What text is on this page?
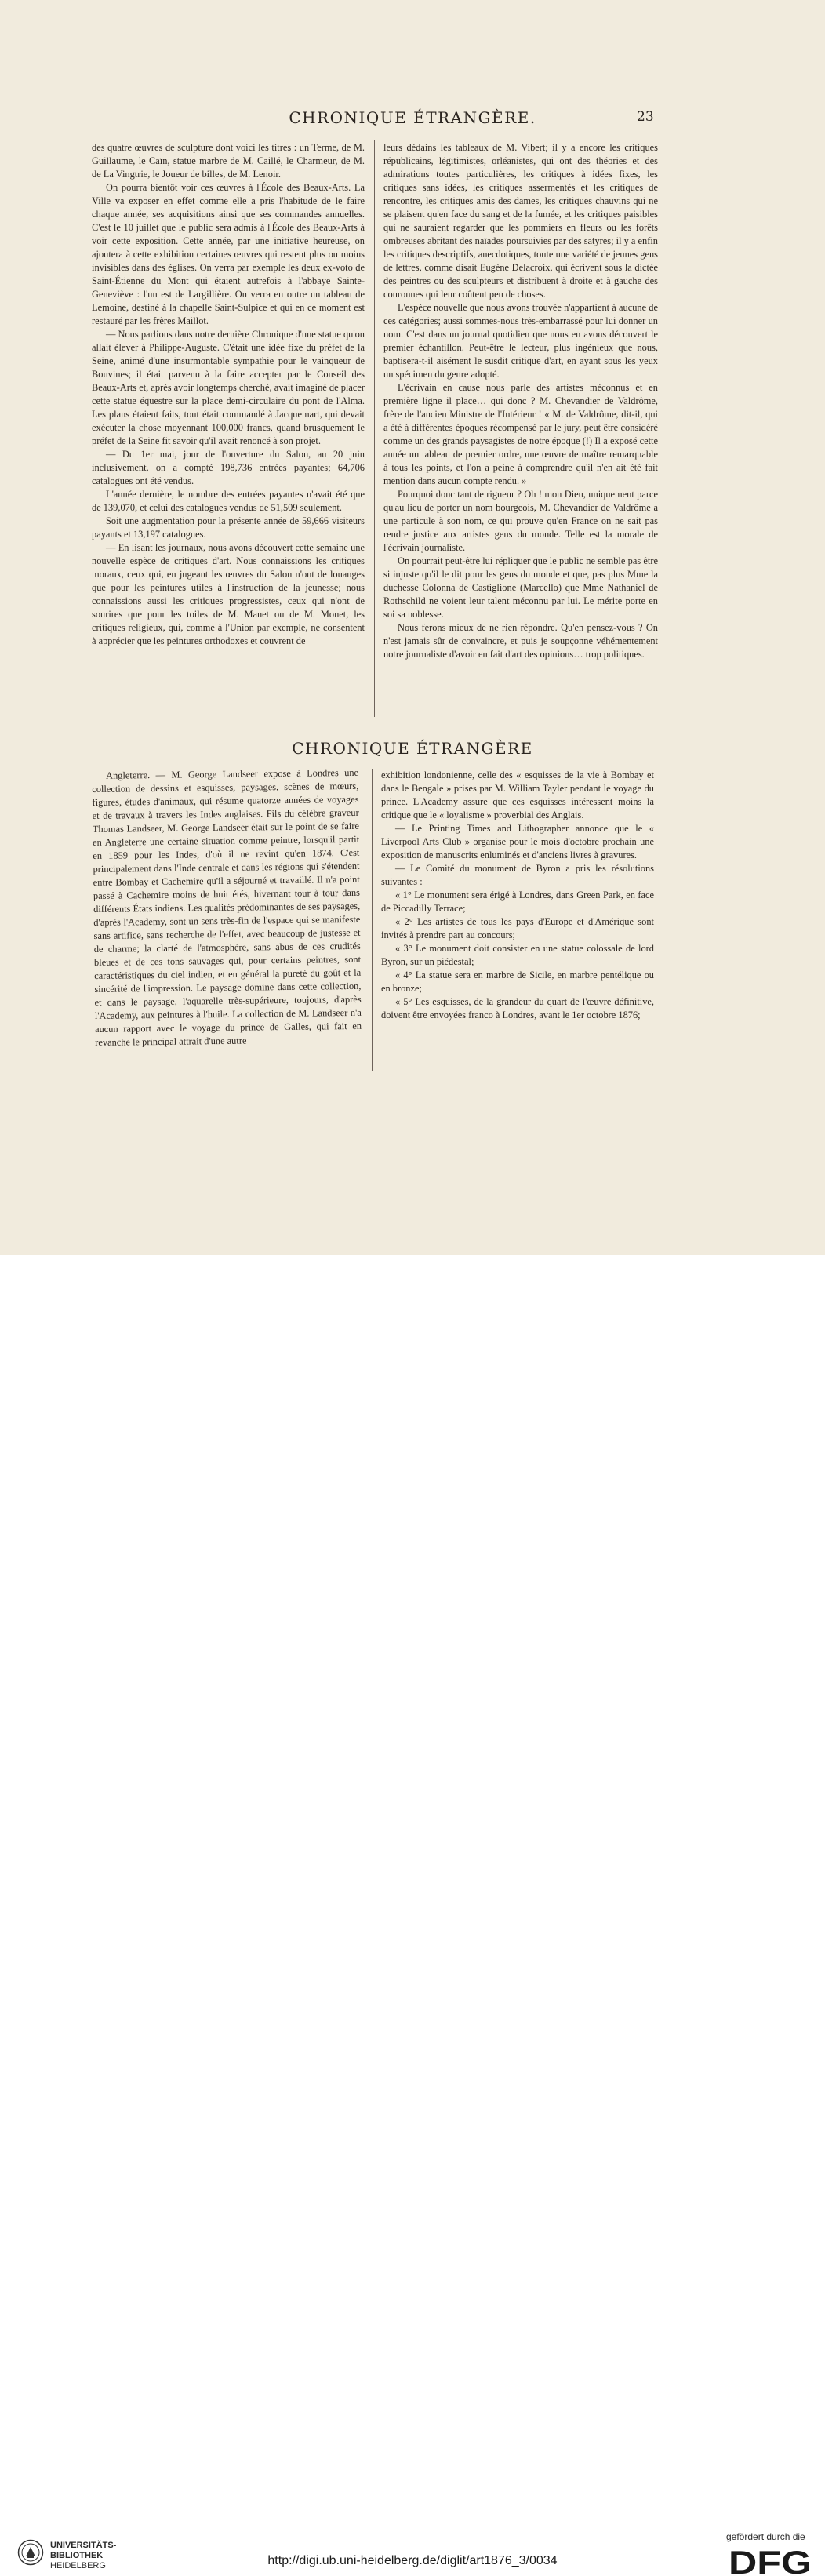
CHRONIQUE ÉTRANGÈRE.	23

des quatre œuvres de sculpture dont voici les titres : un Terme, de M. Guillaume, le Caïn, statue marbre de M. Caillé, le Charmeur, de M. de La Vingtrie, le Joueur de billes, de M. Lenoir.

On pourra bientôt voir ces œuvres à l'École des Beaux-Arts. La Ville va exposer en effet comme elle a pris l'habitude de le faire chaque année, ses acquisitions ainsi que ses commandes annuelles. C'est le 10 juillet que le public sera admis à l'École des Beaux-Arts à voir cette exposition. Cette année, par une initiative heureuse, on ajoutera à cette exhibition certaines œuvres qui restent plus ou moins invisibles dans des églises. On verra par exemple les deux ex-voto de Saint-Étienne du Mont qui étaient autrefois à l'abbaye Sainte-Geneviève : l'un est de Largillière. On verra en outre un tableau de Lemoine, destiné à la chapelle Saint-Sulpice et qui en ce moment est restauré par les frères Maillot.

— Nous parlions dans notre dernière Chronique d'une statue qu'on allait élever à Philippe-Auguste. C'était une idée fixe du préfet de la Seine, animé d'une insurmontable sympathie pour le vainqueur de Bouvines; il était parvenu à la faire accepter par le Conseil des Beaux-Arts et, après avoir longtemps cherché, avait imaginé de placer cette statue équestre sur la place demi-circulaire du pont de l'Alma. Les plans étaient faits, tout était commandé à Jacquemart, qui devait exécuter la chose moyennant 100,000 francs, quand brusquement le préfet de la Seine fit savoir qu'il avait renoncé à son projet.

— Du 1er mai, jour de l'ouverture du Salon, au 20 juin inclusivement, on a compté 198,736 entrées payantes; 64,706 catalogues ont été vendus.

L'année dernière, le nombre des entrées payantes n'avait été que de 139,070, et celui des catalogues vendus de 51,509 seulement.

Soit une augmentation pour la présente année de 59,666 visiteurs payants et 13,197 catalogues.

— En lisant les journaux, nous avons découvert cette semaine une nouvelle espèce de critiques d'art. Nous connaissions les critiques moraux, ceux qui, en jugeant les œuvres du Salon n'ont de louanges que pour les peintures utiles à l'instruction de la jeunesse; nous connaissions aussi les critiques progressistes, ceux qui n'ont de sourires que pour les toiles de M. Manet ou de M. Monet, les critiques religieux, qui, comme à l'Union par exemple, ne consentent à apprécier que les peintures orthodoxes et couvrent de

leurs dédains les tableaux de M. Vibert; il y a encore les critiques républicains, légitimistes, orléanistes, qui ont des théories et des admirations toutes particulières, les critiques à idées fixes, les critiques sans idées, les critiques assermentés et les critiques de rencontre, les critiques amis des dames, les critiques chauvins qui ne se plaisent qu'en face du sang et de la fumée, et les critiques paisibles qui ne sauraient regarder que les pommiers en fleurs ou les forêts ombreuses abritant des naïades poursuivies par des satyres; il y a enfin les critiques descriptifs, anecdotiques, toute une variété de jeunes gens de lettres, comme disait Eugène Delacroix, qui écrivent sous la dictée des peintres ou des sculpteurs et distribuent à droite et à gauche des couronnes qui leur coûtent peu de choses.

L'espèce nouvelle que nous avons trouvée n'appartient à aucune de ces catégories; aussi sommes-nous très-embarrassé pour lui donner un nom. C'est dans un journal quotidien que nous en avons découvert le premier échantillon. Peut-être le lecteur, plus ingénieux que nous, baptisera-t-il aisément le susdit critique d'art, en ayant sous les yeux un spécimen du genre adopté.

L'écrivain en cause nous parle des artistes méconnus et en première ligne il place… qui donc ? M. Chevandier de Valdrôme, frère de l'ancien Ministre de l'Intérieur ! « M. de Valdrôme, dit-il, qui a été à différentes époques récompensé par le jury, peut être considéré comme un des grands paysagistes de notre époque (!) Il a exposé cette année un tableau de premier ordre, une œuvre de maître remarquable à tous les points, et l'on a peine à comprendre qu'il n'en ait été fait mention dans aucun compte rendu. »

Pourquoi donc tant de rigueur ? Oh ! mon Dieu, uniquement parce qu'au lieu de porter un nom bourgeois, M. Chevandier de Valdrôme a une particule à son nom, ce qui prouve qu'en France on ne sait pas rendre justice aux artistes gens du monde. Telle est la morale de l'écrivain journaliste.

On pourrait peut-être lui répliquer que le public ne semble pas être si injuste qu'il le dit pour les gens du monde et que, pas plus Mme la duchesse Colonna de Castiglione (Marcello) que Mme Nathaniel de Rothschild ne voient leur talent méconnu par lui. Le mérite porte en soi sa noblesse.

Nous ferons mieux de ne rien répondre. Qu'en pensez-vous ? On n'est jamais sûr de convaincre, et puis je soupçonne véhémentement notre journaliste d'avoir en fait d'art des opinions… trop politiques.

CHRONIQUE ÉTRANGÈRE

Angleterre. — M. George Landseer expose à Londres une collection de dessins et esquisses, paysages, scènes de mœurs, figures, études d'animaux, qui résume quatorze années de voyages et de travaux à travers les Indes anglaises. Fils du célèbre graveur Thomas Landseer, M. George Landseer était sur le point de se faire en Angleterre une certaine situation comme peintre, lorsqu'il partit en 1859 pour les Indes, d'où il ne revint qu'en 1874. C'est principalement dans l'Inde centrale et dans les régions qui s'étendent entre Bombay et Cachemire qu'il a séjourné et travaillé. Il n'a point passé à Cachemire moins de huit étés, hivernant tour à tour dans différents États indiens. Les qualités prédominantes de ses paysages, d'après l'Academy, sont un sens très-fin de l'espace qui se manifeste sans artifice, sans recherche de l'effet, avec beaucoup de justesse et de charme; la clarté de l'atmosphère, sans abus de ces crudités bleues et de ces tons sauvages qui, pour certains peintres, sont caractéristiques du ciel indien, et en général la pureté du goût et la sincérité de l'impression. Le paysage domine dans cette collection, et dans le paysage, l'aquarelle très-supérieure, toujours, d'après l'Academy, aux peintures à l'huile. La collection de M. Landseer n'a aucun rapport avec le voyage du prince de Galles, qui fait en revanche le principal attrait d'une autre

exhibition londonienne, celle des « esquisses de la vie à Bombay et dans le Bengale » prises par M. William Tayler pendant le voyage du prince. L'Academy assure que ces esquisses intéressent moins la critique que le « loyalisme » proverbial des Anglais.

— Le Printing Times and Lithographer annonce que le « Liverpool Arts Club » organise pour le mois d'octobre prochain une exposition de manuscrits enluminés et d'anciens livres à gravures.

— Le Comité du monument de Byron a pris les résolutions suivantes :

« 1° Le monument sera érigé à Londres, dans Green Park, en face de Piccadilly Terrace;

« 2° Les artistes de tous les pays d'Europe et d'Amérique sont invités à prendre part au concours;

« 3° Le monument doit consister en une statue colossale de lord Byron, sur un piédestal;

« 4° La statue sera en marbre de Sicile, en marbre pentélique ou en bronze;

« 5° Les esquisses, de la grandeur du quart de l'œuvre définitive, doivent être envoyées franco à Londres, avant le 1er octobre 1876;

UNIVERSITÄTS-
BIBLIOTHEK
HEIDELBERG	http://digi.ub.uni-heidelberg.de/diglit/art1876_3/0034
gefördert durch die
DFG
